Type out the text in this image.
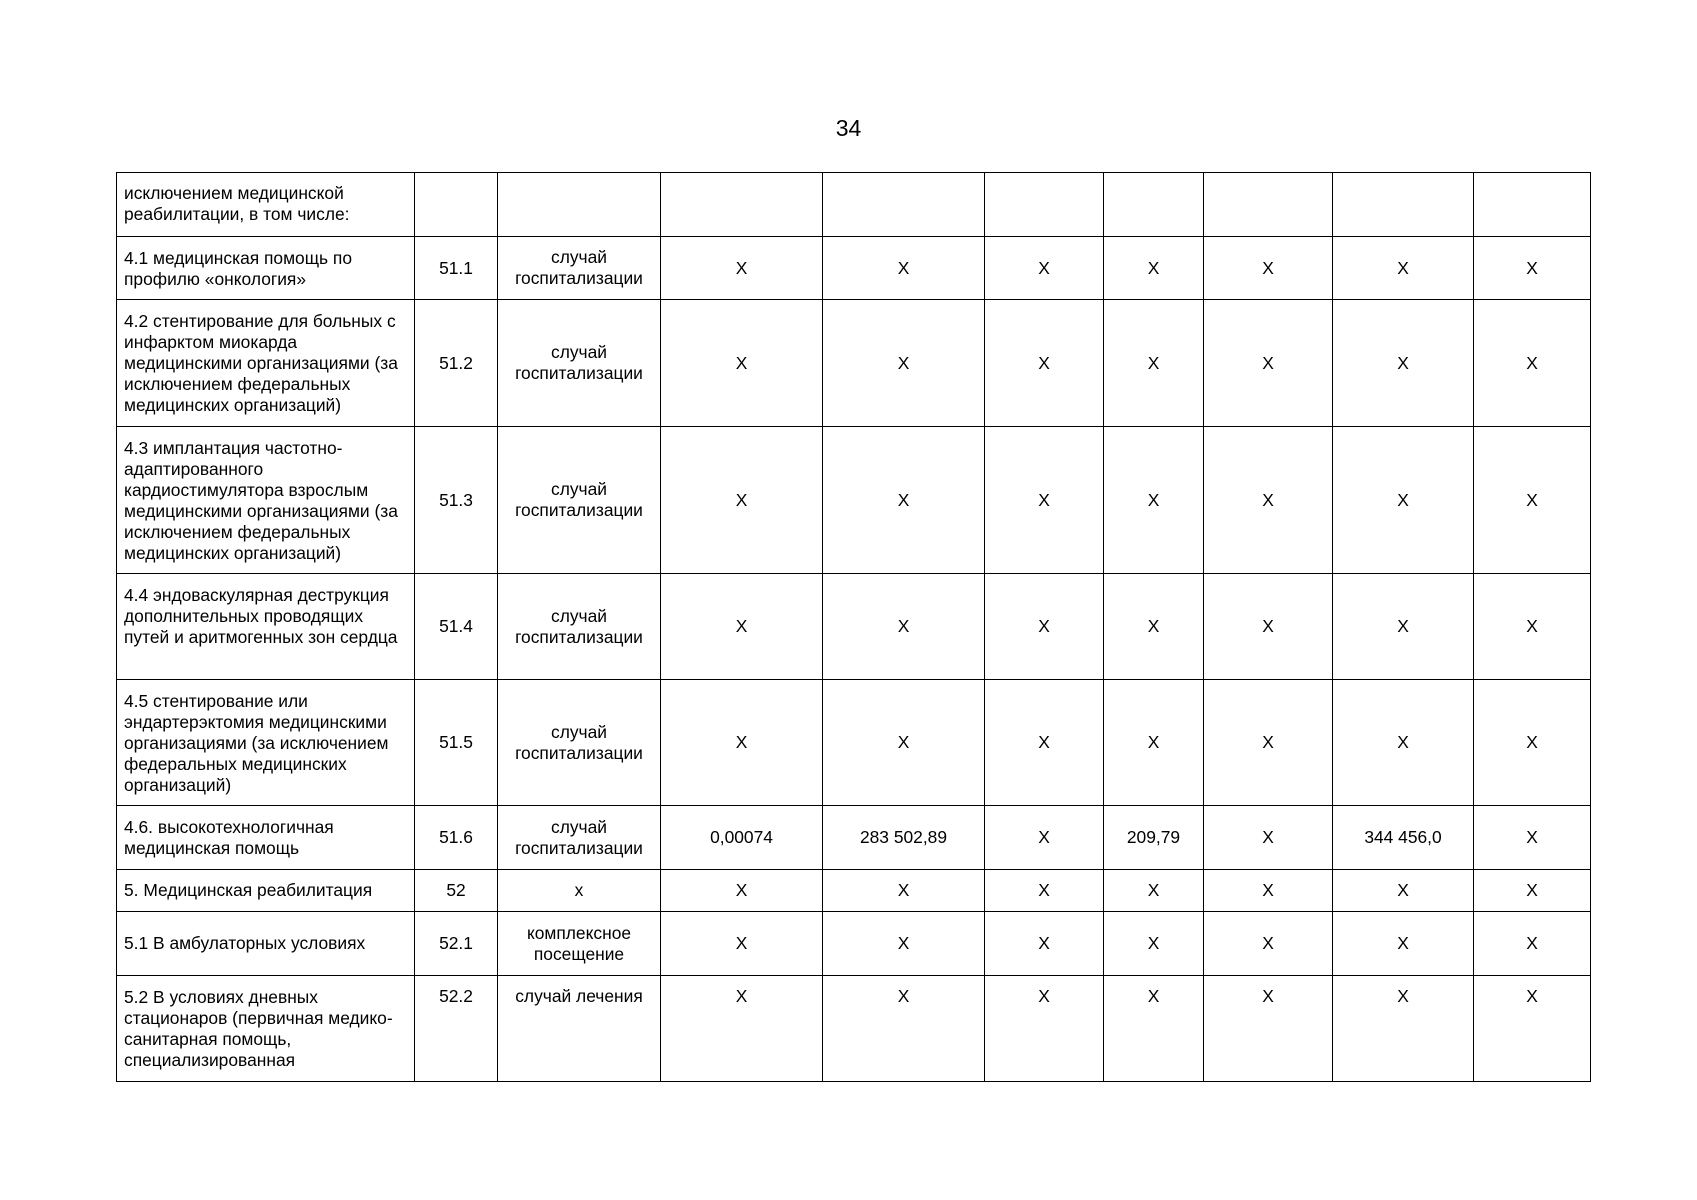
34
исключением медицинской реабилитации, в том числе:									
4.1 медицинская помощь по профилю «онкология»	51.1	случай госпитализации	Х	Х	Х	Х	Х	Х	Х
4.2 стентирование для больных с инфарктом миокарда медицинскими организациями (за исключением федеральных медицинских организаций)	51.2	случай госпитализации	Х	Х	Х	Х	Х	Х	Х
4.3 имплантация частотно-адаптированного кардиостимулятора взрослым медицинскими организациями (за исключением федеральных медицинских организаций)	51.3	случай госпитализации	Х	Х	Х	Х	Х	Х	Х
4.4 эндоваскулярная деструкция дополнительных проводящих путей и аритмогенных зон сердца	51.4	случай госпитализации	Х	Х	Х	Х	Х	Х	Х
4.5 стентирование или эндартерэктомия медицинскими организациями (за исключением федеральных медицинских организаций)	51.5	случай госпитализации	Х	Х	Х	Х	Х	Х	Х
4.6. высокотехнологичная медицинская помощь	51.6	случай госпитализации	0,00074	283 502,89	Х	209,79	Х	344 456,0	Х
5. Медицинская реабилитация	52	х	Х	Х	Х	Х	Х	Х	Х
5.1 В амбулаторных условиях	52.1	комплексное посещение	Х	Х	Х	Х	Х	Х	Х
5.2 В условиях дневных стационаров (первичная медико-санитарная помощь, специализированная	52.2	случай лечения	Х	Х	Х	Х	Х	Х	Х
